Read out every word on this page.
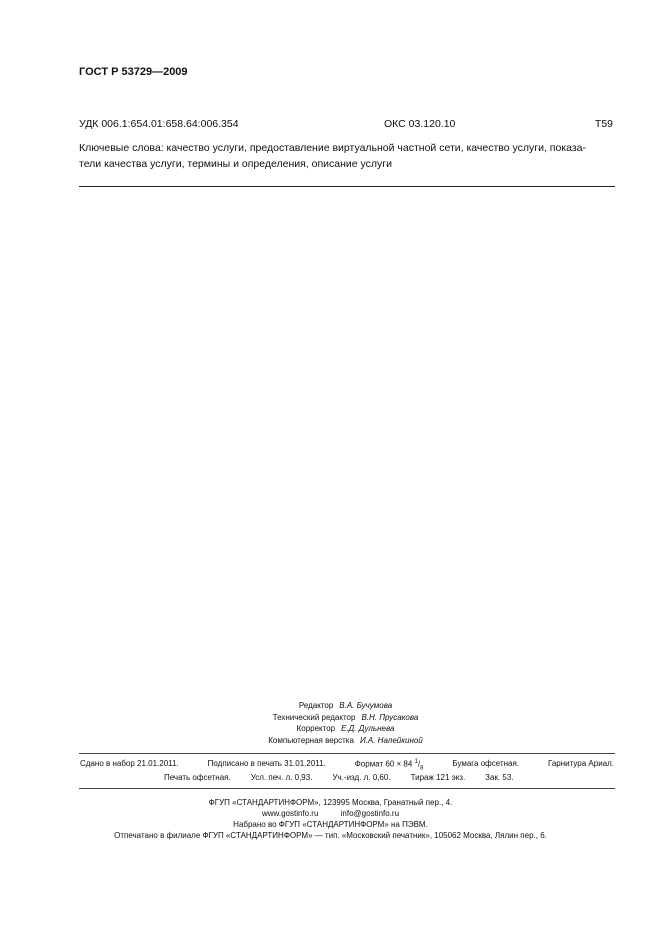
ГОСТ Р 53729—2009
УДК 006.1:654.01:658.64:006.354	ОКС 03.120.10	Т59
Ключевые слова: качество услуги, предоставление виртуальной частной сети, качество услуги, показа-
тели качества услуги, термины и определения, описание услуги
Редактор В.А. Бучумова
Технический редактор В.Н. Прусакова
Корректор Е.Д. Дульнева
Компьютерная верстка И.А. Налейкиной
Сдано в набор 21.01.2011.	Подписано в печать 31.01.2011.	Формат 60 × 84 $^1/_8$
Бумага офсетная.	Гарнитура Ариал.
Печать офсетная.	Усл. печ. л. 0,93.	Уч.-изд. л. 0,60.	Тираж 121 экз.	Зак. 53.
ФГУП «СТАНДАРТИНФОРМ», 123995 Москва, Гранатный пер., 4.
www.gostinfo.ru	info@gostinfo.ru
Набрано во ФГУП «СТАНДАРТИНФОРМ» на ПЭВМ.
Отпечатано в филиале ФГУП «СТАНДАРТИНФОРМ» — тип. «Московский печатник», 105062 Москва, Лялин пер., 6.
